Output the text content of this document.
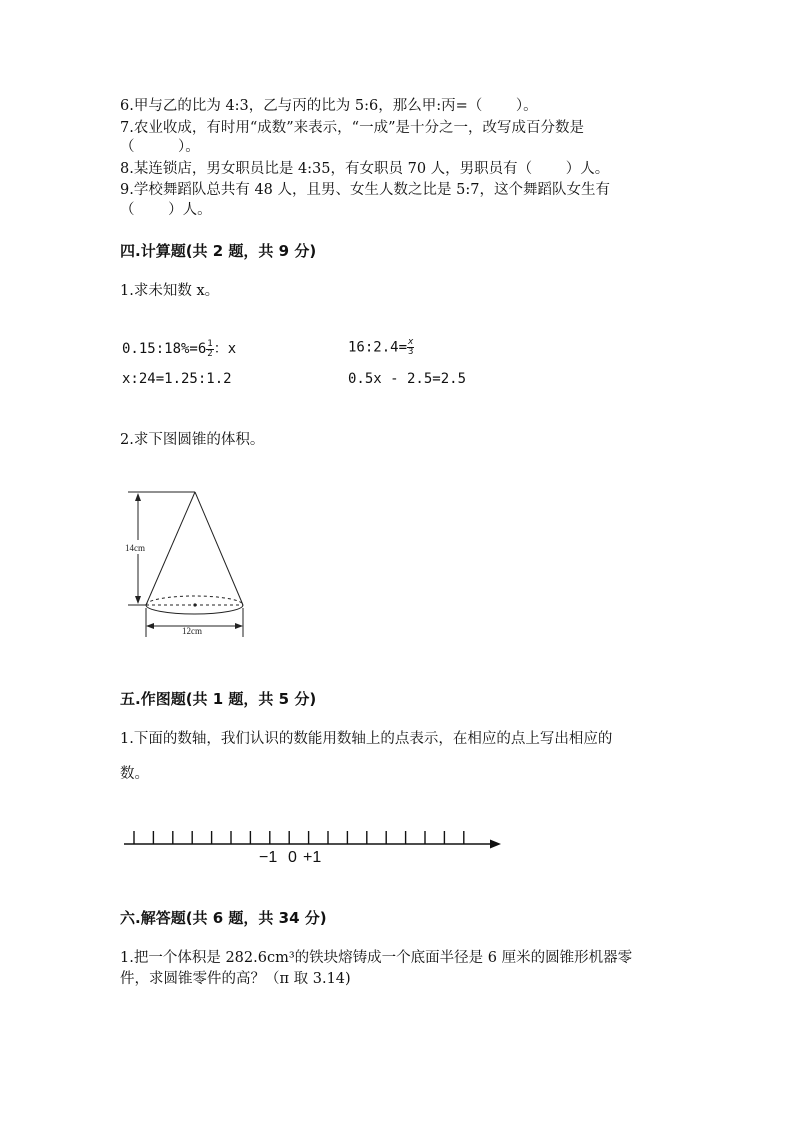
6.甲与乙的比为 4:3，乙与丙的比为 5:6，那么甲:丙=（　　 ）。
7.农业收成，有时用“成数”来表示，“一成”是十分之一，改写成百分数是
（　　　）。
8.某连锁店，男女职员比是 4:35，有女职员 70 人，男职员有（　　 ）人。
9.学校舞蹈队总共有 48 人，且男、女生人数之比是 5:7，这个舞蹈队女生有
（　　 ）人。
四.计算题(共 2 题，共 9 分)
1.求未知数 x。
0.15:18%=6 $\frac{1}{2}$ ：x	16:2.4= $\frac{x}{3}$
x:24=1.25:1.2	0.5x - 2.5=2.5
2.求下图圆锥的体积。
14cm
12cm
五.作图题(共 1 题，共 5 分)
1.下面的数轴，我们认识的数能用数轴上的点表示，在相应的点上写出相应的
数。
−1 0 +1
六.解答题(共 6 题，共 34 分)
1.把一个体积是 282.6cm³的铁块熔铸成一个底面半径是 6 厘米的圆锥形机器零
件，求圆锥零件的高？（π 取 3.14)
